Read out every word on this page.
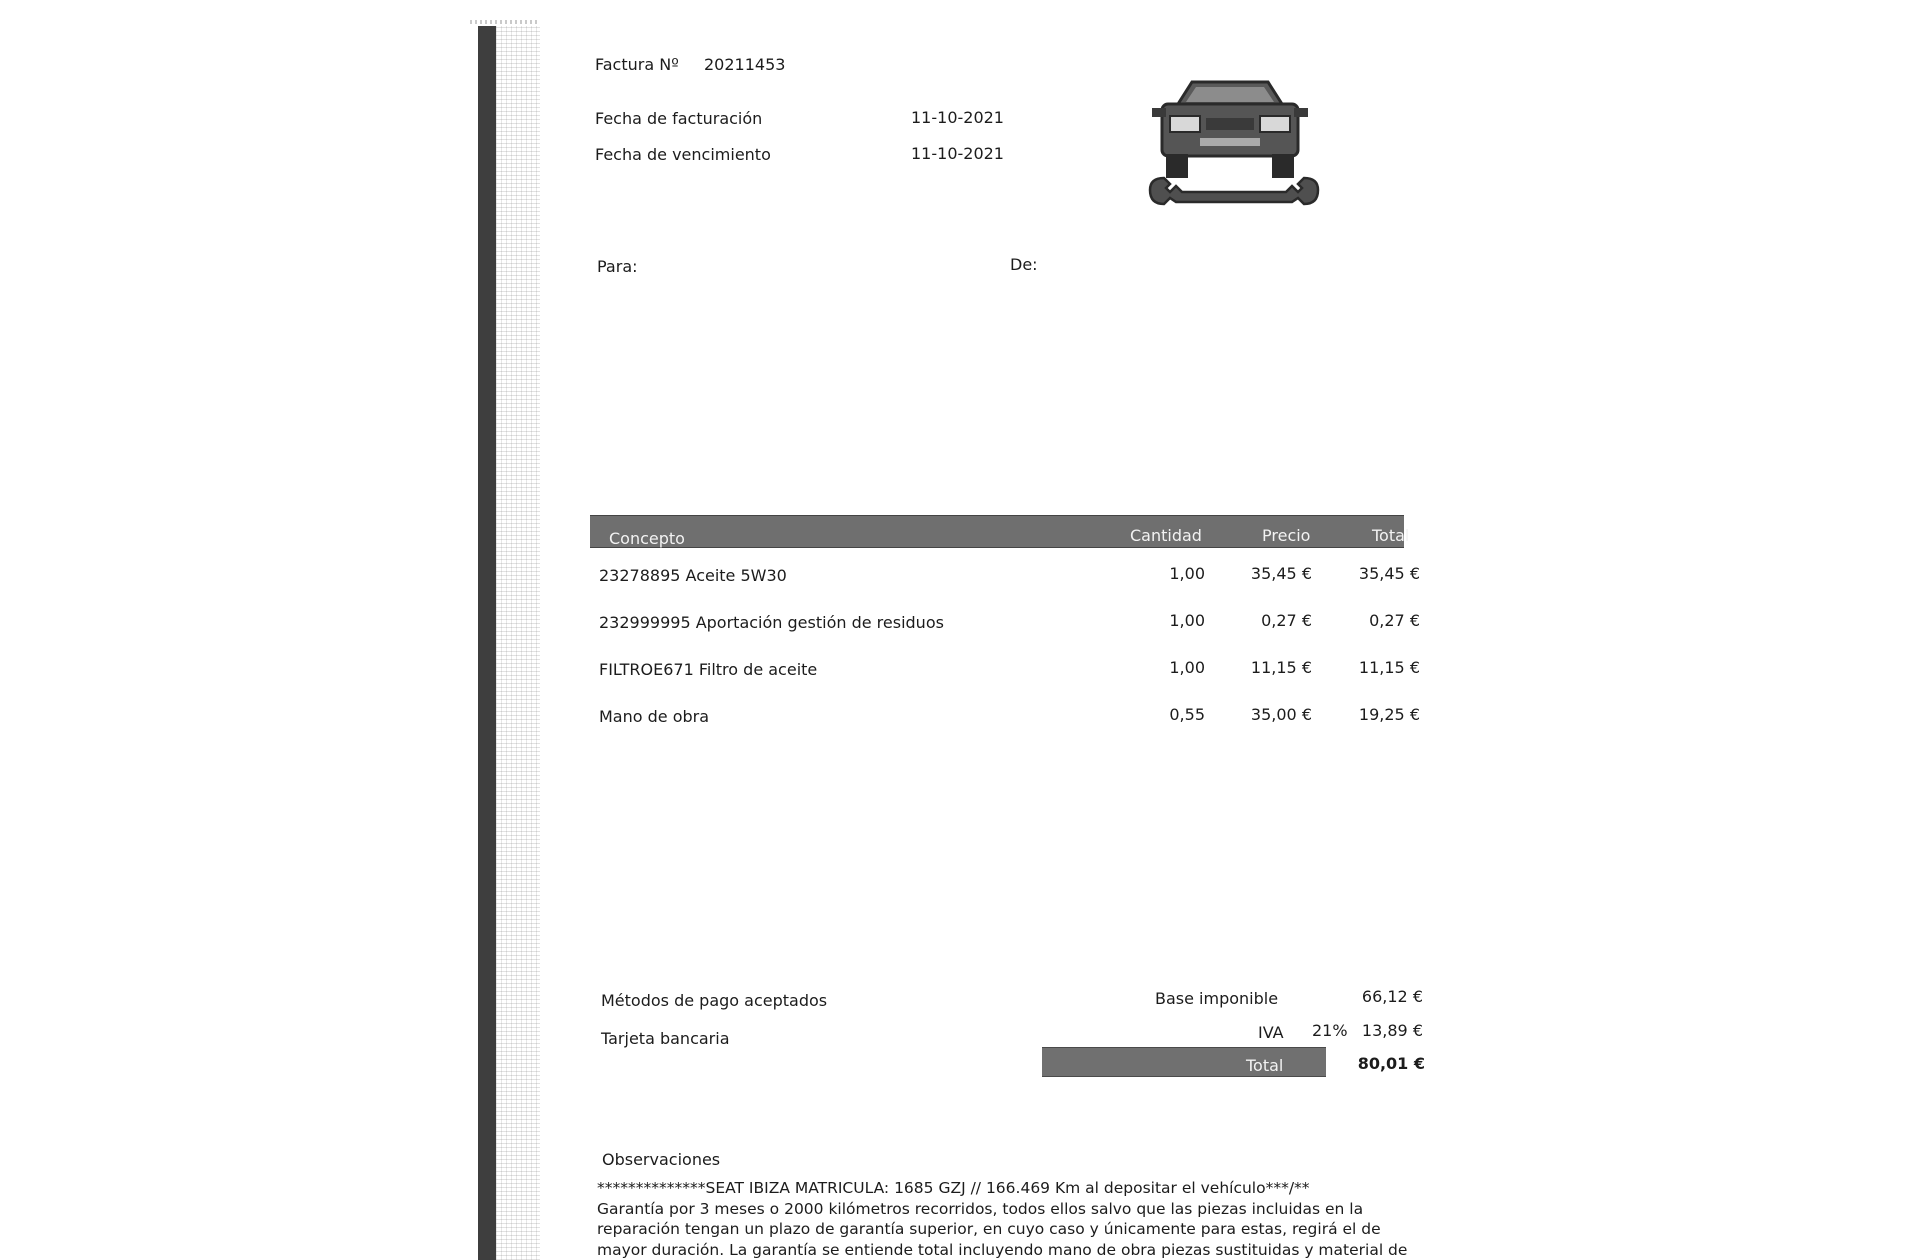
Factura Nº 20211453
Fecha de facturación	11-10-2021
Fecha de vencimiento	11-10-2021
Para:	De:
Concepto	Cantidad	Precio	Total
23278895 Aceite 5W30	1,00	35,45 €	35,45 €
232999995 Aportación gestión de residuos	1,00	0,27 €	0,27 €
FILTROE671 Filtro de aceite	1,00	11,15 €	11,15 €
Mano de obra	0,55	35,00 €	19,25 €
Métodos de pago aceptados
Tarjeta bancaria
Base imponible	66,12 €
IVA 21% 13,89 €
Total	80,01 €
Observaciones

**************SEAT IBIZA MATRICULA: 1685 GZJ // 166.469 Km al depositar el vehículo***/**

Garantía por 3 meses o 2000 kilómetros recorridos, todos ellos salvo que las piezas incluidas en la reparación tengan un plazo de garantía superior, en cuyo caso y únicamente para estas, regirá el de mayor duración. La garantía se entiende total incluyendo mano de obra piezas sustituidas y material de
